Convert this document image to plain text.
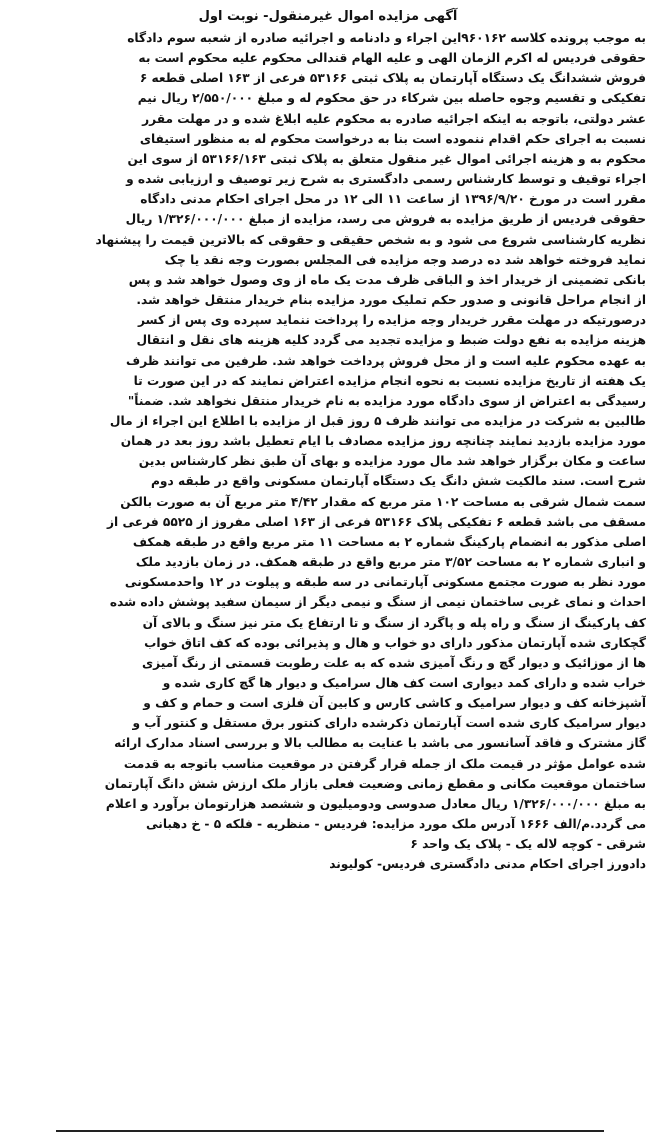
آگهی مزایده اموال غیرمنقول- نوبت اول
به موجب پرونده کلاسه ۹۶۰۱۶۲این اجراء و دادنامه و اجرائیه صادره از شعبه سوم دادگاه
حقوقی فردیس له اکرم الزمان الهی و علیه الهام قندالی محکوم علیه محکوم است به
فروش ششدانگ یک دستگاه آپارتمان به پلاک ثبتی ۵۳۱۶۶ فرعی از ۱۶۳ اصلی قطعه ۶
تفکیکی و تقسیم وجوه حاصله بین شرکاء در حق محکوم له و مبلغ ۲/۵۵۰/۰۰۰ ریال نیم
عشر دولتی، باتوجه به اینکه اجرائیه صادره به محکوم علیه ابلاغ شده و در مهلت مقرر
نسبت به اجرای حکم اقدام ننموده است بنا به درخواست محکوم له به منظور استیفای
محکوم به و هزینه اجرائی اموال غیر منقول متعلق به پلاک ثبتی ۵۳۱۶۶/۱۶۳ از سوی این
اجراء توقیف و توسط کارشناس رسمی دادگستری به شرح زیر توصیف و ارزیابی شده و
مقرر است در مورخ ۱۳۹۶/۹/۲۰ از ساعت ۱۱ الی ۱۲ در محل اجرای احکام مدنی دادگاه
حقوقی فردیس از طریق مزایده به فروش می رسد، مزایده از مبلغ ۱/۳۲۶/۰۰۰/۰۰۰ ریال
نظریه کارشناسی شروع می شود و به شخص حقیقی و حقوقی که بالاترین قیمت را پیشنهاد
نماید فروخته خواهد شد ده درصد وجه مزایده فی المجلس بصورت وجه نقد یا چک
بانکی تضمینی از خریدار اخذ و الباقی ظرف مدت یک ماه از وی وصول خواهد شد و پس
از انجام مراحل قانونی و صدور حکم تملیک مورد مزایده بنام خریدار منتقل خواهد شد.
درصورتیکه در مهلت مقرر خریدار وجه مزایده را پرداخت ننماید سپرده وی پس از کسر
هزینه مزایده به نفع دولت ضبط و مزایده تجدید می گردد کلیه هزینه های نقل و انتقال
به عهده محکوم علیه است و از محل فروش پرداخت خواهد شد. طرفین می توانند ظرف
یک هفته از تاریخ مزایده نسبت به نحوه انجام مزایده اعتراض نمایند که در این صورت تا
رسیدگی به اعتراض از سوی دادگاه مورد مزایده به نام خریدار منتقل نخواهد شد. ضمناً"
طالبین به شرکت در مزایده می توانند ظرف ۵ روز قبل از مزایده با اطلاع این اجراء از مال
مورد مزایده بازدید نمایند چنانچه روز مزایده مصادف با ایام تعطیل باشد روز بعد در همان
ساعت و مکان برگزار خواهد شد مال مورد مزایده و بهای آن طبق نظر کارشناس بدین
شرح است. سند مالکیت شش دانگ یک دستگاه آپارتمان مسکونی واقع در طبقه دوم
سمت شمال شرقی به مساحت ۱۰۲ متر مربع که مقدار ۴/۴۲ متر مربع آن به صورت بالکن
مسقف می باشد قطعه ۶ تفکیکی پلاک ۵۳۱۶۶ فرعی از ۱۶۳ اصلی مفروز از ۵۵۲۵ فرعی از
اصلی مذکور به انضمام پارکینگ شماره ۲ به مساحت ۱۱ متر مربع واقع در طبقه همکف
و انباری شماره ۲ به مساحت ۳/۵۲ متر مربع واقع در طبقه همکف. در زمان بازدید ملک
مورد نظر به صورت مجتمع مسکونی آپارتمانی در سه طبقه و پیلوت در ۱۲ واحدمسکونی
احداث و نمای غربی ساختمان نیمی از سنگ و نیمی دیگر از سیمان سفید پوشش داده شده
کف پارکینگ از سنگ و راه پله و پاگرد از سنگ و تا ارتفاع یک متر نیز سنگ و بالای آن
گچکاری شده آپارتمان مذکور دارای دو خواب و هال و پذیرائی بوده که کف اتاق خواب
ها از موزائیک و دیوار گچ و رنگ آمیزی شده که به علت رطوبت قسمتی از رنگ آمیزی
خراب شده و دارای کمد دیواری است کف هال سرامیک و دیوار ها گچ کاری شده و
آشپزخانه کف و دیوار سرامیک و کاشی کارس و کابین آن فلزی است و حمام و کف و
دیوار سرامیک کاری شده است آپارتمان ذکرشده دارای کنتور برق مستقل و کنتور آب و
گاز مشترک و فاقد آسانسور می باشد با عنایت به مطالب بالا و بررسی اسناد مدارک ارائه
شده عوامل مؤثر در قیمت ملک از جمله قرار گرفتن در موقعیت مناسب باتوجه به قدمت
ساختمان موقعیت مکانی و مقطع زمانی وضعیت فعلی بازار ملک ارزش شش دانگ آپارتمان
به مبلغ ۱/۳۲۶/۰۰۰/۰۰۰ ریال معادل صدوسی ودومیلیون و ششصد هزارتومان برآورد و اعلام
می گردد.م/الف ۱۶۶۶ آدرس ملک مورد مزایده: فردیس - منظریه - فلکه ۵ - خ دهبانی
شرقی - کوچه لاله یک - پلاک یک واحد ۶
دادورز اجرای احکام مدنی دادگستری فردیس- کولیوند
